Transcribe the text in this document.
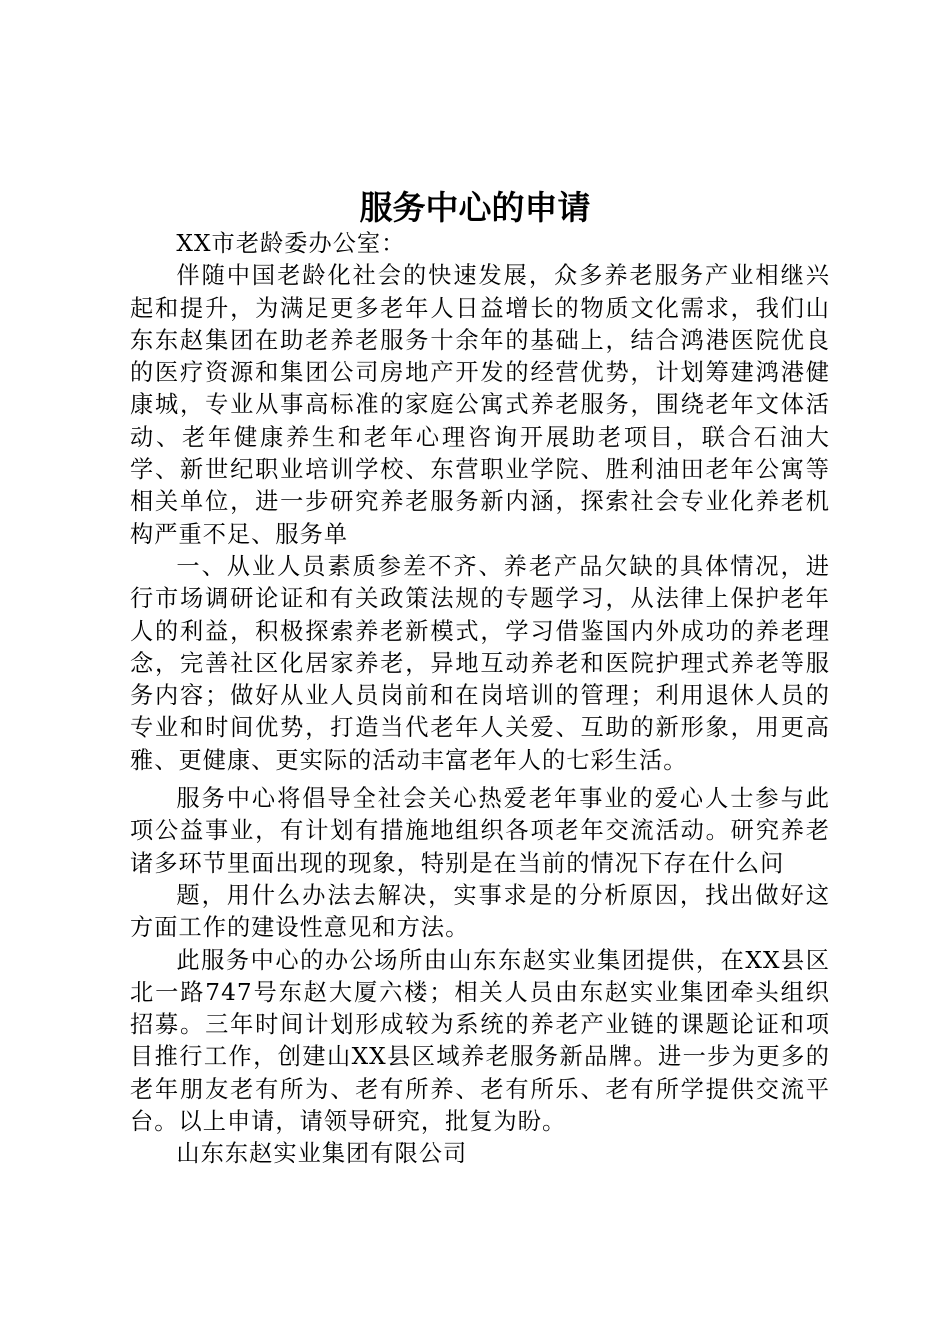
服务中心的申请

XX市老龄委办公室：

伴随中国老龄化社会的快速发展，众多养老服务产业相继兴起和提升，为满足更多老年人日益增长的物质文化需求，我们山东东赵集团在助老养老服务十余年的基础上，结合鸿港医院优良的医疗资源和集团公司房地产开发的经营优势，计划筹建鸿港健康城，专业从事高标准的家庭公寓式养老服务，围绕老年文体活动、老年健康养生和老年心理咨询开展助老项目，联合石油大学、新世纪职业培训学校、东营职业学院、胜利油田老年公寓等相关单位，进一步研究养老服务新内涵，探索社会专业化养老机构严重不足、服务单

一、从业人员素质参差不齐、养老产品欠缺的具体情况，进行市场调研论证和有关政策法规的专题学习，从法律上保护老年人的利益，积极探索养老新模式，学习借鉴国内外成功的养老理念，完善社区化居家养老，异地互动养老和医院护理式养老等服务内容；做好从业人员岗前和在岗培训的管理；利用退休人员的专业和时间优势，打造当代老年人关爱、互助的新形象，用更高雅、更健康、更实际的活动丰富老年人的七彩生活。

服务中心将倡导全社会关心热爱老年事业的爱心人士参与此项公益事业，有计划有措施地组织各项老年交流活动。研究养老诸多环节里面出现的现象，特别是在当前的情况下存在什么问

题，用什么办法去解决，实事求是的分析原因，找出做好这方面工作的建设性意见和方法。

此服务中心的办公场所由山东东赵实业集团提供，在XX县区北一路747号东赵大厦六楼；相关人员由东赵实业集团牵头组织招募。三年时间计划形成较为系统的养老产业链的课题论证和项目推行工作，创建山XX县区域养老服务新品牌。进一步为更多的老年朋友老有所为、老有所养、老有所乐、老有所学提供交流平台。以上申请，请领导研究，批复为盼。

山东东赵实业集团有限公司
